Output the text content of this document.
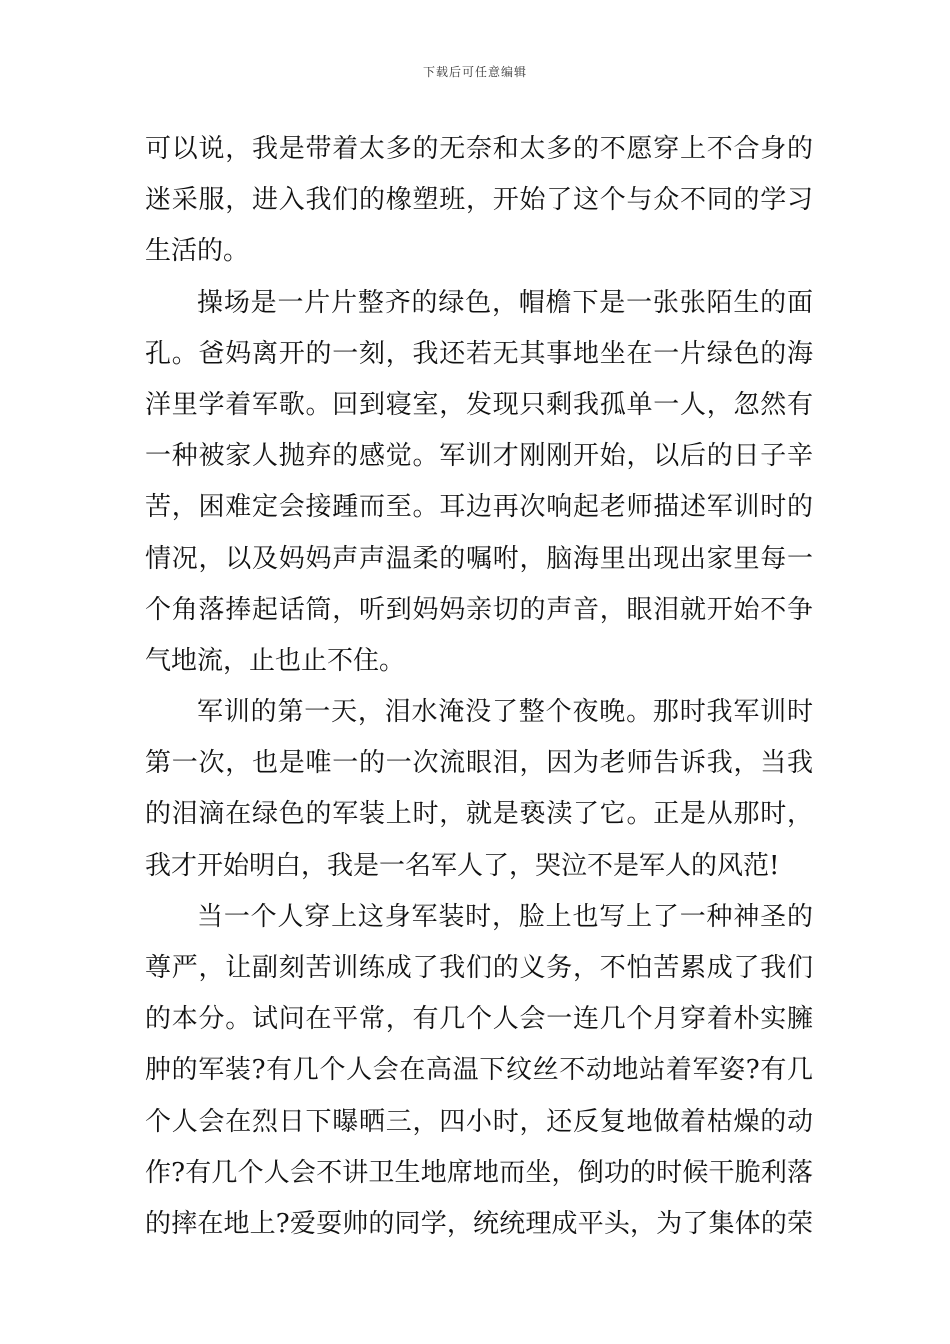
下载后可任意编辑
可以说，我是带着太多的无奈和太多的不愿穿上不合身的
迷采服，进入我们的橡塑班，开始了这个与众不同的学习
生活的。
操场是一片片整齐的绿色，帽檐下是一张张陌生的面
孔。爸妈离开的一刻，我还若无其事地坐在一片绿色的海
洋里学着军歌。回到寝室，发现只剩我孤单一人，忽然有
一种被家人抛弃的感觉。军训才刚刚开始，以后的日子辛
苦，困难定会接踵而至。耳边再次响起老师描述军训时的
情况，以及妈妈声声温柔的嘱咐，脑海里出现出家里每一
个角落捧起话筒，听到妈妈亲切的声音，眼泪就开始不争
气地流，止也止不住。
军训的第一天，泪水淹没了整个夜晚。那时我军训时
第一次，也是唯一的一次流眼泪，因为老师告诉我，当我
的泪滴在绿色的军装上时，就是亵渎了它。正是从那时，
我才开始明白，我是一名军人了，哭泣不是军人的风范!
当一个人穿上这身军装时，脸上也写上了一种神圣的
尊严，让副刻苦训练成了我们的义务，不怕苦累成了我们
的本分。试问在平常，有几个人会一连几个月穿着朴实臃
肿的军装?有几个人会在高温下纹丝不动地站着军姿?有几
个人会在烈日下曝晒三，四小时，还反复地做着枯燥的动
作?有几个人会不讲卫生地席地而坐，倒功的时候干脆利落
的摔在地上?爱耍帅的同学，统统理成平头，为了集体的荣
